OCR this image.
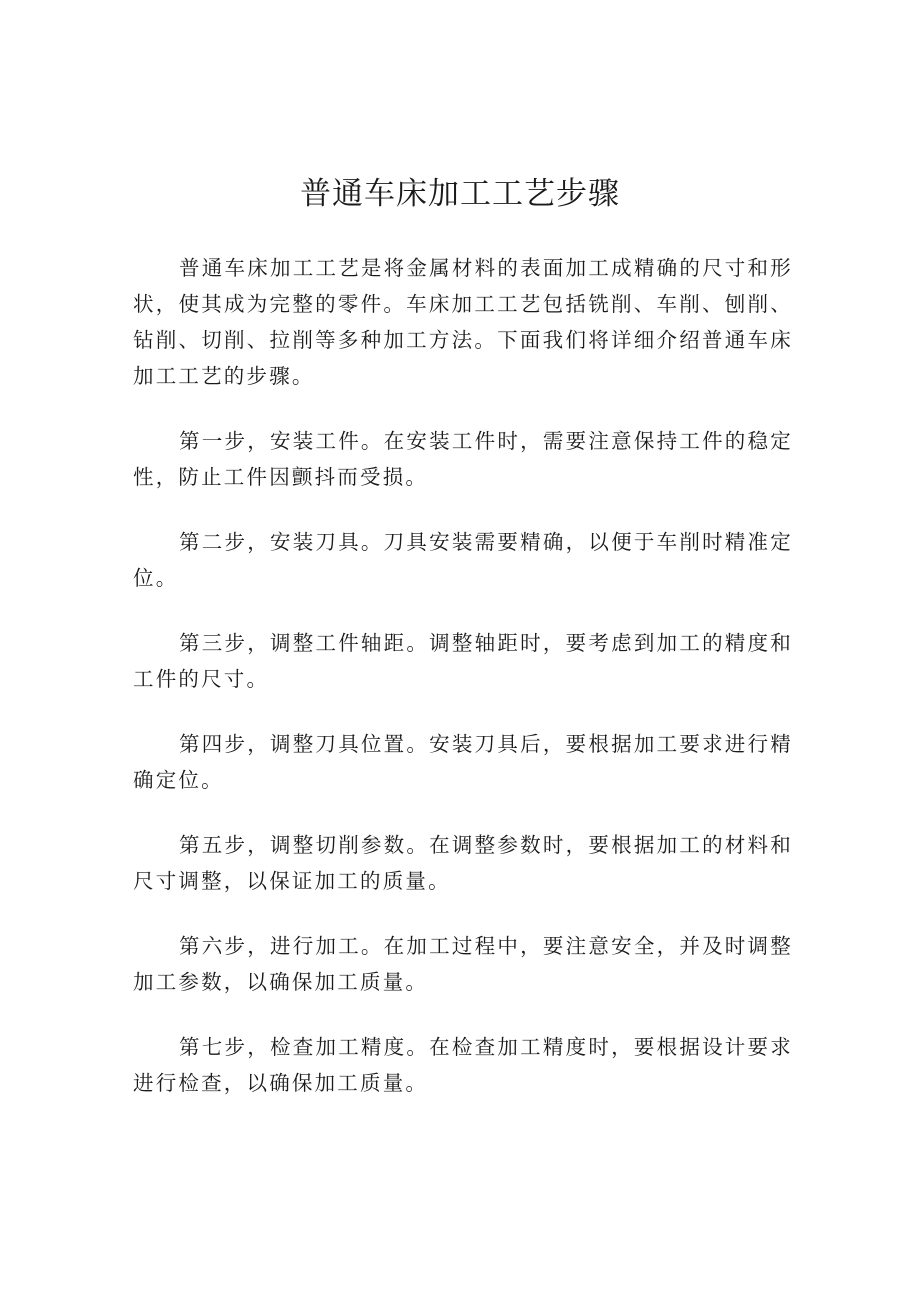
普通车床加工工艺步骤

普通车床加工工艺是将金属材料的表面加工成精确的尺寸和形状，使其成为完整的零件。车床加工工艺包括铣削、车削、刨削、钻削、切削、拉削等多种加工方法。下面我们将详细介绍普通车床加工工艺的步骤。

第一步，安装工件。在安装工件时，需要注意保持工件的稳定性，防止工件因颤抖而受损。

第二步，安装刀具。刀具安装需要精确，以便于车削时精准定位。

第三步，调整工件轴距。调整轴距时，要考虑到加工的精度和工件的尺寸。

第四步，调整刀具位置。安装刀具后，要根据加工要求进行精确定位。

第五步，调整切削参数。在调整参数时，要根据加工的材料和尺寸调整，以保证加工的质量。

第六步，进行加工。在加工过程中，要注意安全，并及时调整加工参数，以确保加工质量。

第七步，检查加工精度。在检查加工精度时，要根据设计要求进行检查，以确保加工质量。
